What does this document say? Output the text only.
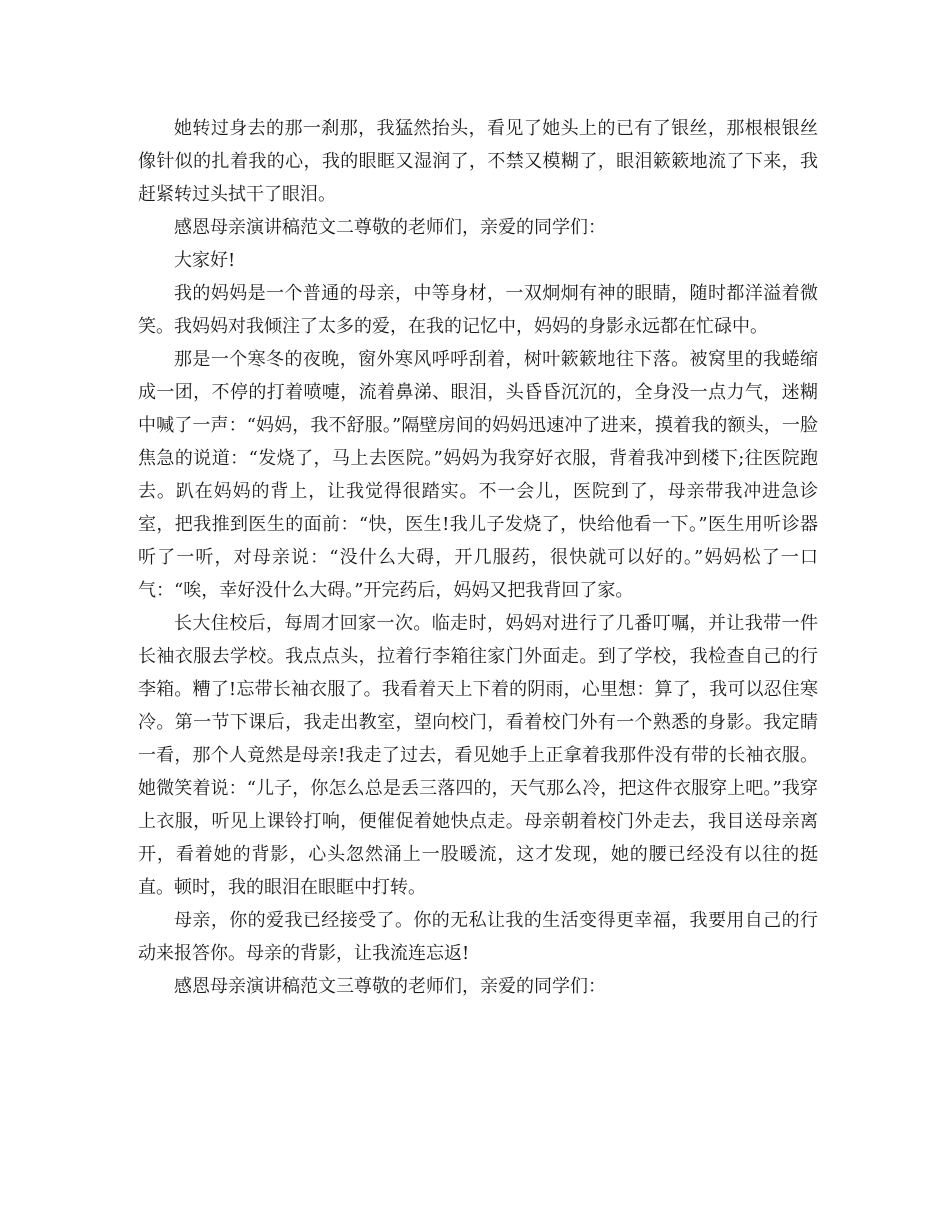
她转过身去的那一刹那，我猛然抬头，看见了她头上的已有了银丝，那根根银丝像针似的扎着我的心，我的眼眶又湿润了，不禁又模糊了，眼泪簌簌地流了下来，我赶紧转过头拭干了眼泪。

感恩母亲演讲稿范文二尊敬的老师们，亲爱的同学们：

大家好!

我的妈妈是一个普通的母亲，中等身材，一双炯炯有神的眼睛，随时都洋溢着微笑。我妈妈对我倾注了太多的爱，在我的记忆中，妈妈的身影永远都在忙碌中。

那是一个寒冬的夜晚，窗外寒风呼呼刮着，树叶簌簌地往下落。被窝里的我蜷缩成一团，不停的打着喷嚏，流着鼻涕、眼泪，头昏昏沉沉的，全身没一点力气，迷糊中喊了一声：“妈妈，我不舒服。”隔壁房间的妈妈迅速冲了进来，摸着我的额头，一脸焦急的说道：“发烧了，马上去医院。”妈妈为我穿好衣服，背着我冲到楼下;往医院跑去。趴在妈妈的背上，让我觉得很踏实。不一会儿，医院到了，母亲带我冲进急诊室，把我推到医生的面前：“快，医生!我儿子发烧了，快给他看一下。”医生用听诊器听了一听，对母亲说：“没什么大碍，开几服药，很快就可以好的。”妈妈松了一口气：“唉，幸好没什么大碍。”开完药后，妈妈又把我背回了家。

长大住校后，每周才回家一次。临走时，妈妈对进行了几番叮嘱，并让我带一件长袖衣服去学校。我点点头，拉着行李箱往家门外面走。到了学校，我检查自己的行李箱。糟了!忘带长袖衣服了。我看着天上下着的阴雨，心里想：算了，我可以忍住寒冷。第一节下课后，我走出教室，望向校门，看着校门外有一个熟悉的身影。我定睛一看，那个人竟然是母亲!我走了过去，看见她手上正拿着我那件没有带的长袖衣服。她微笑着说：“儿子，你怎么总是丢三落四的，天气那么冷，把这件衣服穿上吧。”我穿上衣服，听见上课铃打响，便催促着她快点走。母亲朝着校门外走去，我目送母亲离开，看着她的背影，心头忽然涌上一股暖流，这才发现，她的腰已经没有以往的挺直。顿时，我的眼泪在眼眶中打转。

母亲，你的爱我已经接受了。你的无私让我的生活变得更幸福，我要用自己的行动来报答你。母亲的背影，让我流连忘返!

感恩母亲演讲稿范文三尊敬的老师们，亲爱的同学们：
